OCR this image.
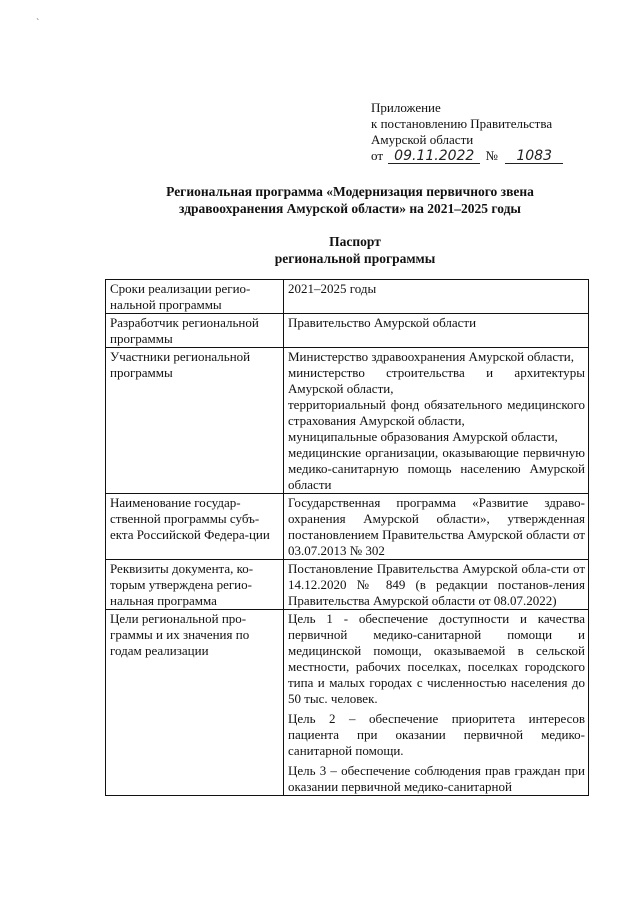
`
Приложение
к постановлению Правительства
Амурской области
от 09.11.2022 № 1083
Региональная программа «Модернизация первичного звена
здравоохранения Амурской области» на 2021–2025 годы
Паспорт
региональной программы
Сроки реализации регио-нальной программы	2021–2025 годы

Разработчик региональной программы	Правительство Амурской области

Участники региональной программы	Министерство здравоохранения Амурской области,
министерство строительства и архитектуры Амурской области,
территориальный фонд обязательного медицинского страхования Амурской области,
муниципальные образования Амурской области,
медицинские организации, оказывающие первичную медико-санитарную помощь населению Амурской области

Наименование государ-ственной программы субъ-екта Российской Федера-ции	Государственная программа «Развитие здраво-охранения Амурской области», утвержденная постановлением Правительства Амурской области от 03.07.2013 № 302

Реквизиты документа, ко-торым утверждена регио-нальная программа	Постановление Правительства Амурской обла-сти от 14.12.2020 № 849 (в редакции постанов-ления Правительства Амурской области от 08.07.2022)

Цели региональной про-граммы и их значения по годам реализации	Цель 1 - обеспечение доступности и качества первичной медико-санитарной помощи и медицинской помощи, оказываемой в сельской местности, рабочих поселках, поселках городского типа и малых городах с численностью населения до 50 тыс. человек.
Цель 2 – обеспечение приоритета интересов пациента при оказании первичной медико-санитарной помощи.
Цель 3 – обеспечение соблюдения прав граждан при оказании первичной медико-санитарной
